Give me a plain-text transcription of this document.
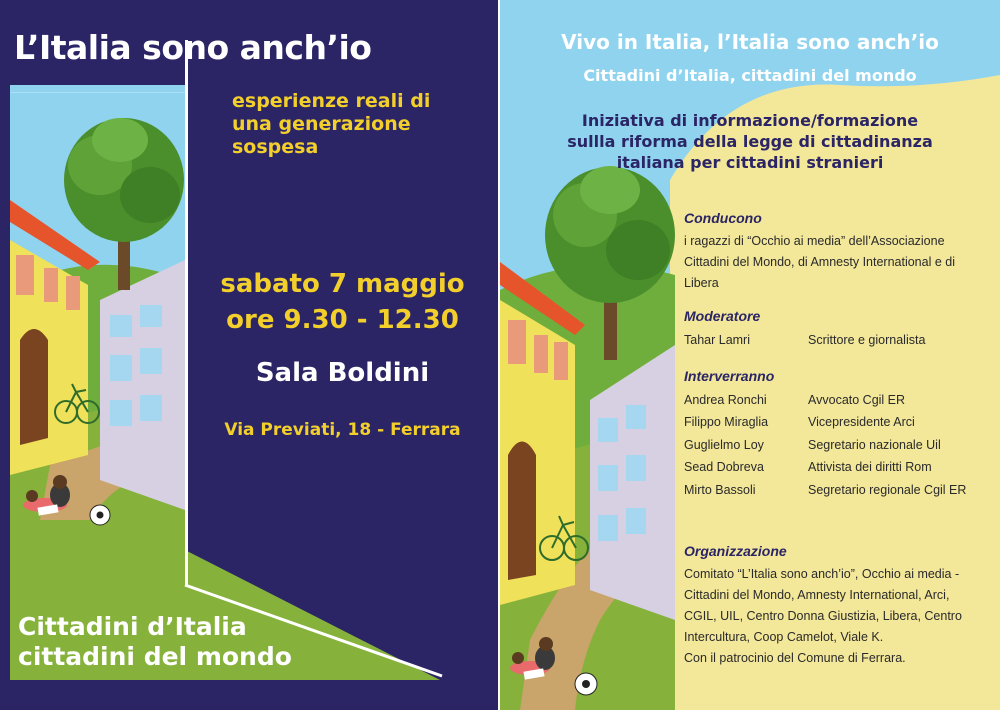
L’Italia sono anch’io
esperienze reali di
una generazione
sospesa
sabato 7 maggio
ore 9.30 - 12.30
Sala Boldini
Via Previati, 18 - Ferrara
Cittadini d’Italia
cittadini del mondo
Vivo in Italia, l’Italia sono anch’io
Cittadini d’Italia, cittadini del mondo
Iniziativa di informazione/formazione
sullla riforma della legge di cittadinanza
italiana per cittadini stranieri
Conducono

i ragazzi di “Occhio ai media” dell’Associazione

Cittadini del Mondo, di Amnesty International e di

Libera

Moderatore
Tahar Lamri	Scrittore e giornalista
Interverranno
Andrea Ronchi	Avvocato Cgil ER
Filippo Miraglia	Vicepresidente Arci
Guglielmo Loy	Segretario nazionale Uil
Sead Dobreva	Attivista dei diritti Rom
Mirto Bassoli	Segretario regionale Cgil ER
Organizzazione

Comitato “L’Italia sono anch’io”, Occhio ai media -

Cittadini del Mondo, Amnesty International, Arci,

CGIL, UIL, Centro Donna Giustizia, Libera, Centro

Intercultura, Coop Camelot, Viale K.

Con il patrocinio del Comune di Ferrara.
